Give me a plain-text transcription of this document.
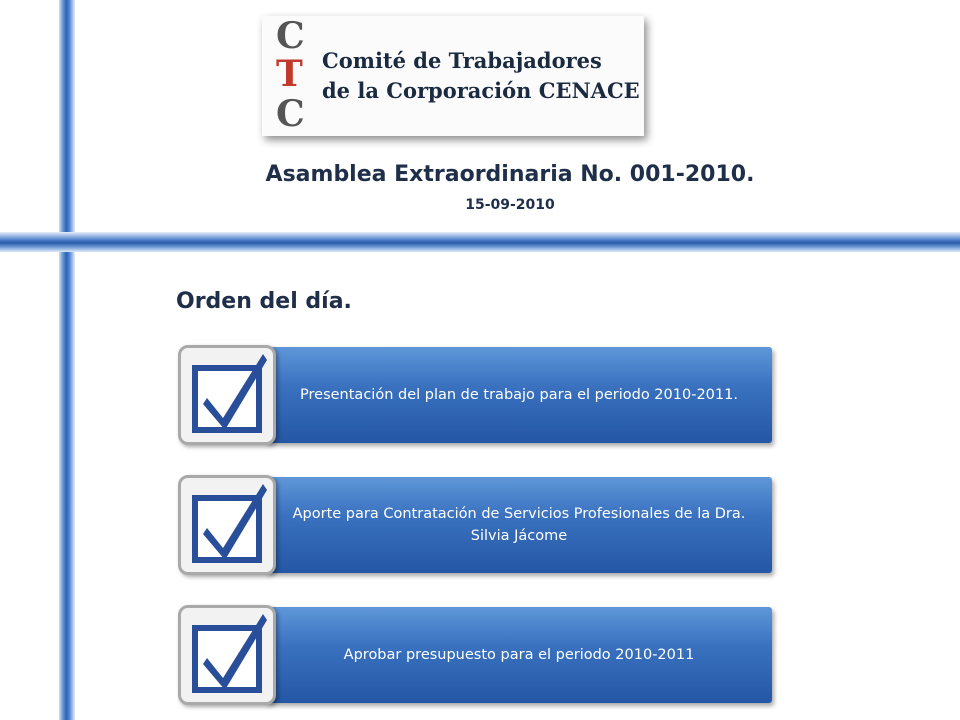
C
T
C
Comité de Trabajadores
de la Corporación CENACE
Asamblea Extraordinaria No. 001-2010.
15-09-2010
Orden del día.
Presentación del plan de trabajo para el periodo 2010-2011.
Aporte para Contratación de Servicios Profesionales de la Dra. Silvia Jácome
Aprobar presupuesto para el periodo 2010-2011
